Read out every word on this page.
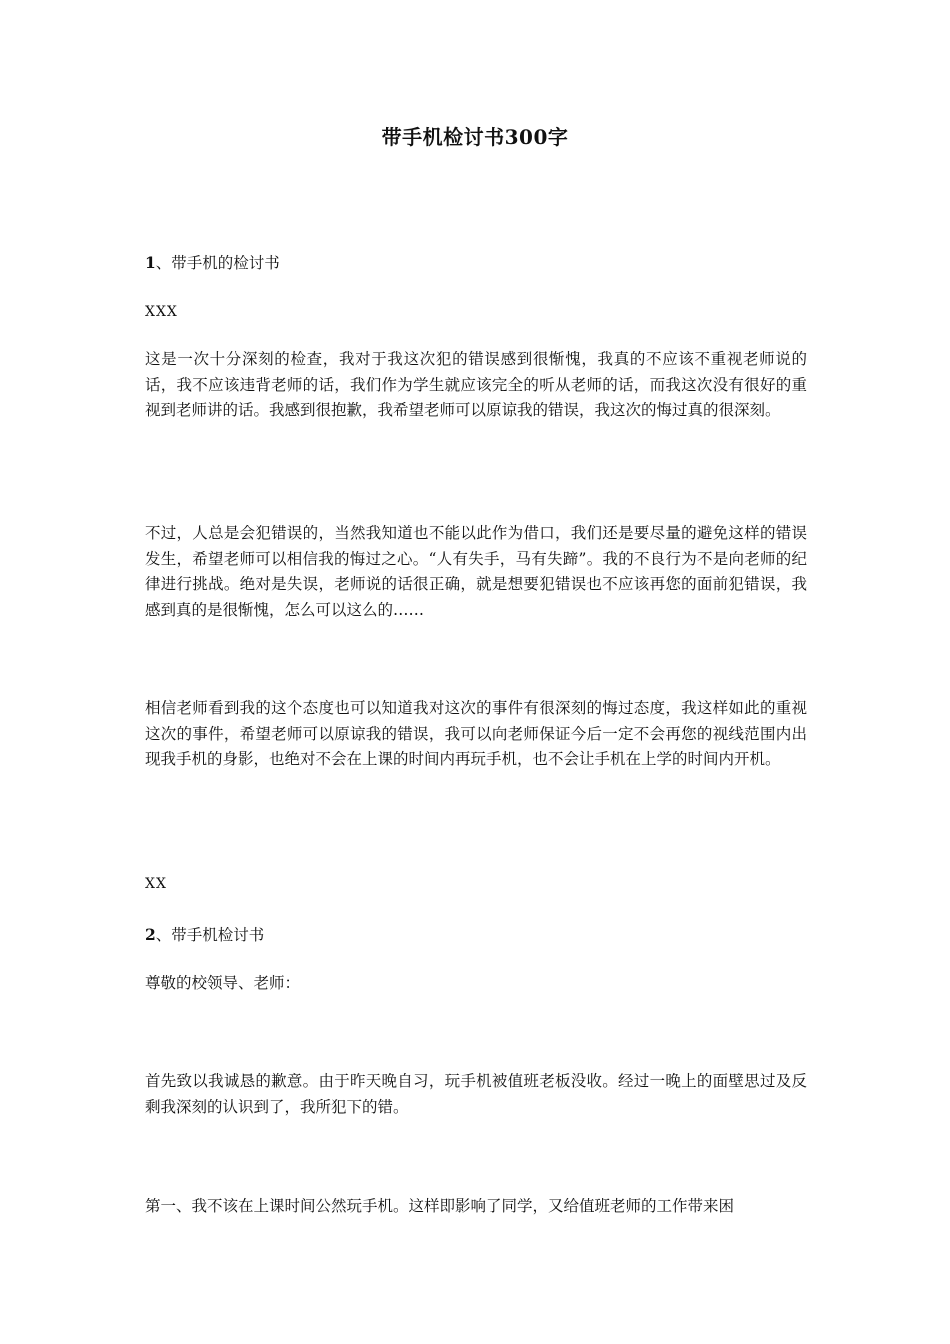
带手机检讨书300字
1、带手机的检讨书
XXX
这是一次十分深刻的检查，我对于我这次犯的错误感到很惭愧，我真的不应该不重视老师说的话，我不应该违背老师的话，我们作为学生就应该完全的听从老师的话，而我这次没有很好的重视到老师讲的话。我感到很抱歉，我希望老师可以原谅我的错误，我这次的悔过真的很深刻。
不过，人总是会犯错误的，当然我知道也不能以此作为借口，我们还是要尽量的避免这样的错误发生，希望老师可以相信我的悔过之心。“人有失手，马有失蹄”。我的不良行为不是向老师的纪律进行挑战。绝对是失误，老师说的话很正确，就是想要犯错误也不应该再您的面前犯错误，我感到真的是很惭愧，怎么可以这么的……
相信老师看到我的这个态度也可以知道我对这次的事件有很深刻的悔过态度，我这样如此的重视这次的事件，希望老师可以原谅我的错误，我可以向老师保证今后一定不会再您的视线范围内出现我手机的身影，也绝对不会在上课的时间内再玩手机，也不会让手机在上学的时间内开机。
XX
2、带手机检讨书
尊敬的校领导、老师：
首先致以我诚恳的歉意。由于昨天晚自习，玩手机被值班老板没收。经过一晚上的面壁思过及反剩我深刻的认识到了，我所犯下的错。
第一、我不该在上课时间公然玩手机。这样即影响了同学，又给值班老师的工作带来困
